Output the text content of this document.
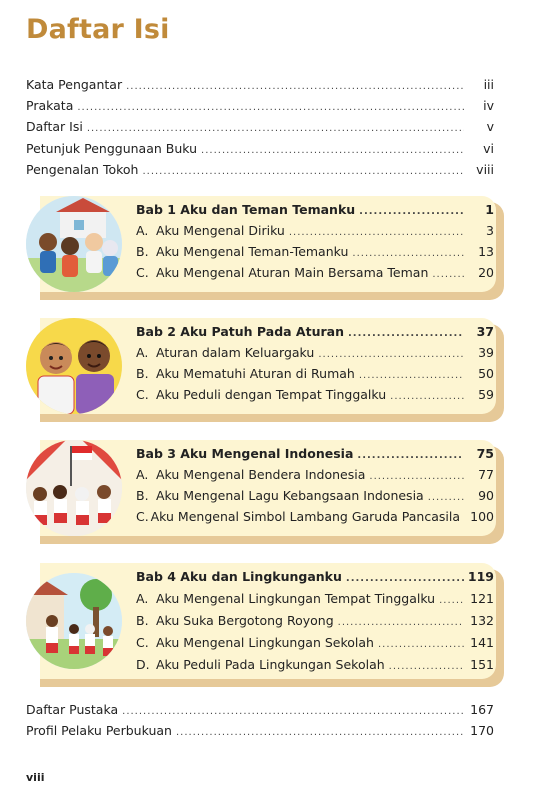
Daftar Isi
Kata Pengantar .....	iii
Prakata .....	iv
Daftar Isi .....	v
Petunjuk Penggunaan Buku .....	vi
Pengenalan Tokoh .....	viii
Bab 1 Aku dan Teman Temanku .....	1
A. Aku Mengenal Diriku .....	3
B. Aku Mengenal Teman-Temanku .....	13
C. Aku Mengenal Aturan Main Bersama Teman .....	20
Bab 2 Aku Patuh Pada Aturan .....	37
A. Aturan dalam Keluargaku .....	39
B. Aku Mematuhi Aturan di Rumah .....	50
C. Aku Peduli dengan Tempat Tinggalku .....	59
Bab 3 Aku Mengenal Indonesia .....	75
A. Aku Mengenal Bendera Indonesia .....	77
B. Aku Mengenal Lagu Kebangsaan Indonesia .....	90
C. Aku Mengenal Simbol Lambang Garuda Pancasila 100
Bab 4 Aku dan Lingkunganku .....	119
A. Aku Mengenal Lingkungan Tempat Tinggalku .....	121
B. Aku Suka Bergotong Royong .....	132
C. Aku Mengenal Lingkungan Sekolah .....	141
D. Aku Peduli Pada Lingkungan Sekolah .....	151
Daftar Pustaka .....	167
Profil Pelaku Perbukuan .....	170
viii
